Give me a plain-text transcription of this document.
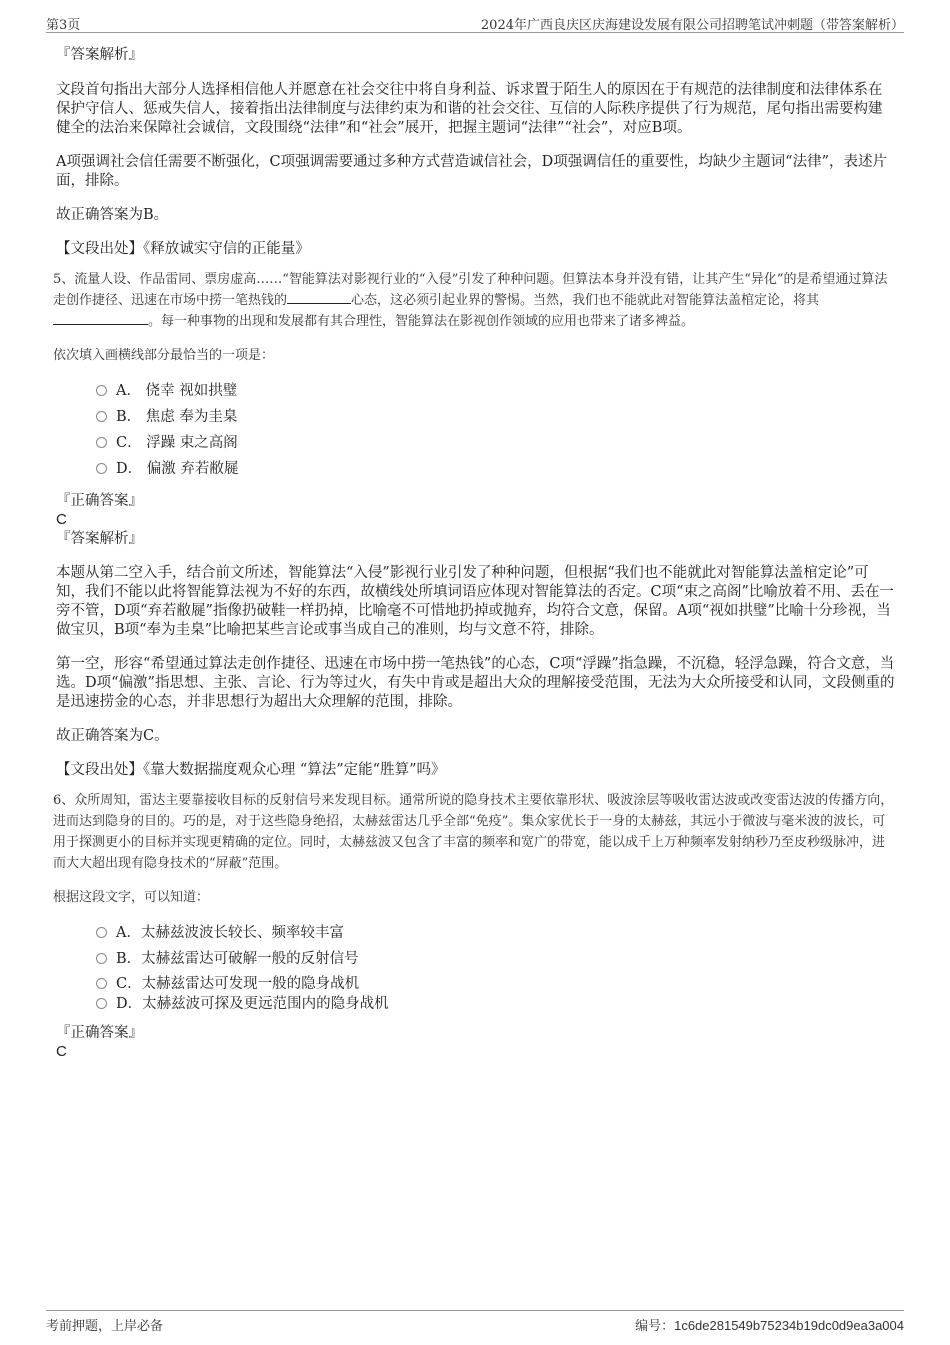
第3页	2024年广西良庆区庆海建设发展有限公司招聘笔试冲刺题（带答案解析）

『答案解析』

文段首句指出大部分人选择相信他人并愿意在社会交往中将自身利益、诉求置于陌生人的原因在于有规范的法律制度和法律体系在保护守信人、惩戒失信人，接着指出法律制度与法律约束为和谐的社会交往、互信的人际秩序提供了行为规范，尾句指出需要构建健全的法治来保障社会诚信，文段围绕“法律”和“社会”展开，把握主题词“法律”“社会”，对应B项。

A项强调社会信任需要不断强化，C项强调需要通过多种方式营造诚信社会，D项强调信任的重要性，均缺少主题词“法律”，表述片面，排除。

故正确答案为B。

【文段出处】《释放诚实守信的正能量》

5、流量人设、作品雷同、票房虚高……“智能算法对影视行业的“入侵”引发了种种问题。但算法本身并没有错，让其产生“异化”的是希望通过算法走创作捷径、迅速在市场中捞一笔热钱的	心态，这必须引起业界的警惕。当然，我们也不能就此对智能算法盖棺定论，将其。每一种事物的出现和发展都有其合理性，智能算法在影视创作领域的应用也带来了诸多裨益。

依次填入画横线部分最恰当的一项是：

A． 侥幸 视如拱璧
B． 焦虑 奉为圭臬
C． 浮躁 束之高阁
D． 偏激 弃若敝屣

『正确答案』

C

『答案解析』

本题从第二空入手，结合前文所述，智能算法“入侵”影视行业引发了种种问题，但根据“我们也不能就此对智能算法盖棺定论”可知，我们不能以此将智能算法视为不好的东西，故横线处所填词语应体现对智能算法的否定。C项“束之高阁”比喻放着不用、丢在一旁不管，D项“弃若敝屣”指像扔破鞋一样扔掉，比喻毫不可惜地扔掉或抛弃，均符合文意，保留。A项“视如拱璧”比喻十分珍视，当做宝贝，B项“奉为圭臬”比喻把某些言论或事当成自己的准则，均与文意不符，排除。

第一空，形容“希望通过算法走创作捷径、迅速在市场中捞一笔热钱”的心态，C项“浮躁”指急躁，不沉稳，轻浮急躁，符合文意，当选。D项“偏激”指思想、主张、言论、行为等过火，有失中肯或是超出大众的理解接受范围，无法为大众所接受和认同，文段侧重的是迅速捞金的心态，并非思想行为超出大众理解的范围，排除。

故正确答案为C。

【文段出处】《靠大数据揣度观众心理 “算法”定能“胜算”吗》

6、众所周知，雷达主要靠接收目标的反射信号来发现目标。通常所说的隐身技术主要依靠形状、吸波涂层等吸收雷达波或改变雷达波的传播方向，进而达到隐身的目的。巧的是，对于这些隐身绝招，太赫兹雷达几乎全部“免疫”。集众家优长于一身的太赫兹，其远小于微波与毫米波的波长，可用于探测更小的目标并实现更精确的定位。同时，太赫兹波又包含了丰富的频率和宽广的带宽，能以成千上万种频率发射纳秒乃至皮秒级脉冲，进而大大超出现有隐身技术的“屏蔽”范围。

根据这段文字，可以知道：

A．太赫兹波波长较长、频率较丰富
B．太赫兹雷达可破解一般的反射信号
C．太赫兹雷达可发现一般的隐身战机
D．太赫兹波可探及更远范围内的隐身战机

『正确答案』

C

考前押题，上岸必备	编号：1c6de281549b75234b19dc0d9ea3a004
